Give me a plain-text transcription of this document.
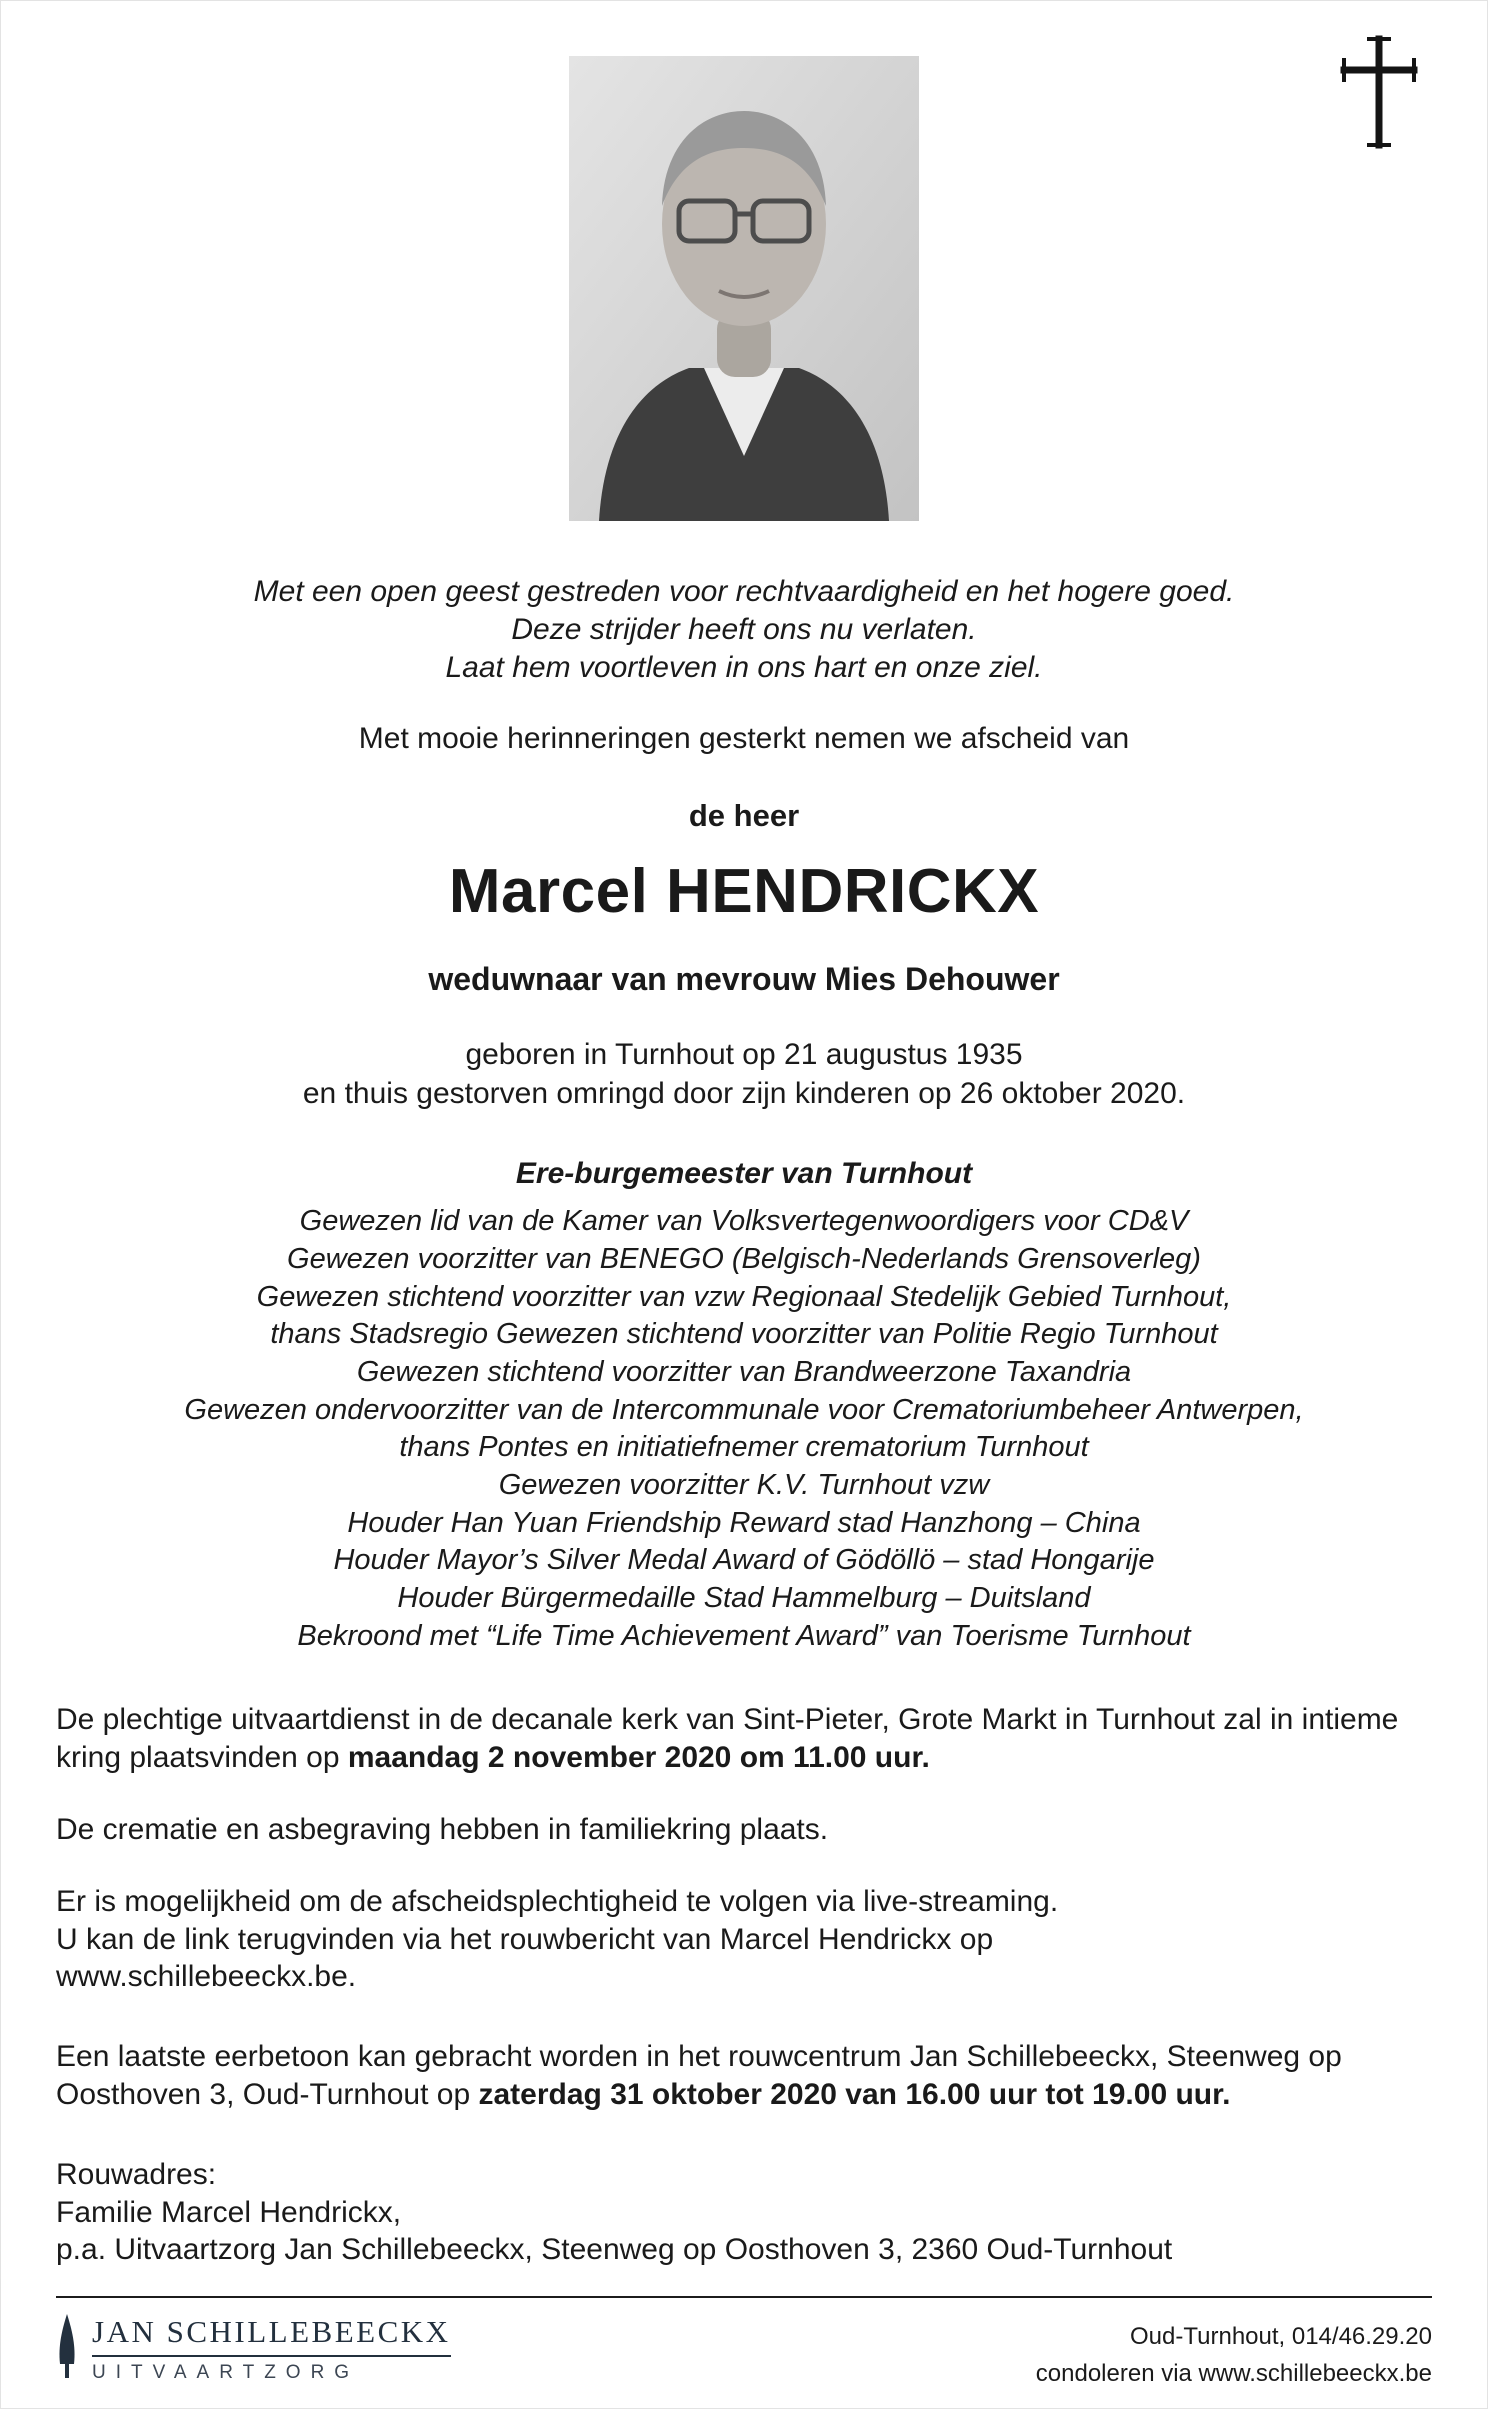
Met een open geest gestreden voor rechtvaardigheid en het hogere goed.
Deze strijder heeft ons nu verlaten.
Laat hem voortleven in ons hart en onze ziel.

Met mooie herinneringen gesterkt nemen we afscheid van

de heer

Marcel HENDRICKX

weduwnaar van mevrouw Mies Dehouwer

geboren in Turnhout op 21 augustus 1935
en thuis gestorven omringd door zijn kinderen op 26 oktober 2020.

Ere-burgemeester van Turnhout

Gewezen lid van de Kamer van Volksvertegenwoordigers voor CD&V
Gewezen voorzitter van BENEGO (Belgisch-Nederlands Grensoverleg)
Gewezen stichtend voorzitter van vzw Regionaal Stedelijk Gebied Turnhout,
thans Stadsregio Gewezen stichtend voorzitter van Politie Regio Turnhout
Gewezen stichtend voorzitter van Brandweerzone Taxandria
Gewezen ondervoorzitter van de Intercommunale voor Crematoriumbeheer Antwerpen,
thans Pontes en initiatiefnemer crematorium Turnhout
Gewezen voorzitter K.V. Turnhout vzw
Houder Han Yuan Friendship Reward stad Hanzhong – China
Houder Mayor’s Silver Medal Award of Gödöllö – stad Hongarije
Houder Bürgermedaille Stad Hammelburg – Duitsland
Bekroond met “Life Time Achievement Award” van Toerisme Turnhout

De plechtige uitvaartdienst in de decanale kerk van Sint-Pieter, Grote Markt in Turnhout zal in intieme kring plaatsvinden op maandag 2 november 2020 om 11.00 uur.

De crematie en asbegraving hebben in familiekring plaats.

Er is mogelijkheid om de afscheidsplechtigheid te volgen via live-streaming.
U kan de link terugvinden via het rouwbericht van Marcel Hendrickx op
www.schillebeeckx.be.

Een laatste eerbetoon kan gebracht worden in het rouwcentrum Jan Schillebeeckx, Steenweg op Oosthoven 3, Oud-Turnhout op zaterdag 31 oktober 2020 van 16.00 uur tot 19.00 uur.

Rouwadres:
Familie Marcel Hendrickx,
p.a. Uitvaartzorg Jan Schillebeeckx, Steenweg op Oosthoven 3, 2360 Oud-Turnhout

JAN SCHILLEBEECKX
UITVAARTZORG
Oud-Turnhout, 014/46.29.20
condoleren via www.schillebeeckx.be
